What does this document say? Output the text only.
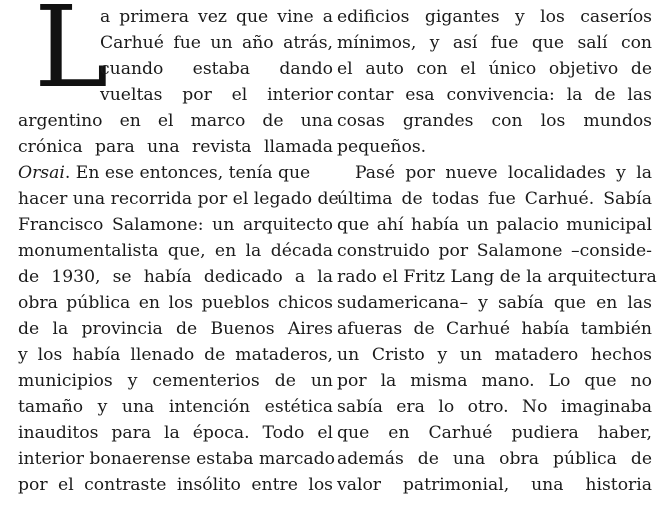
L
a primera vez que vine a
Carhué fue un año atrás,
cuando estaba dando
vueltas por el interior
argentino en el marco de una
crónica para una revista llamada
Orsai. En ese entonces, tenía que
hacer una recorrida por el legado de
Francisco Salamone: un arquitecto
monumentalista que, en la década
de 1930, se había dedicado a la
obra pública en los pueblos chicos
de la provincia de Buenos Aires
y los había llenado de mataderos,
municipios y cementerios de un
tamaño y una intención estética
inauditos para la época. Todo el
interior bonaerense estaba marcado
por el contraste insólito entre los
edificios gigantes y los caseríos
mínimos, y así fue que salí con
el auto con el único objetivo de
contar esa convivencia: la de las
cosas grandes con los mundos
pequeños.
Pasé por nueve localidades y la
última de todas fue Carhué. Sabía
que ahí había un palacio municipal
construido por Salamone –conside-
rado el Fritz Lang de la arquitectura
sudamericana– y sabía que en las
afueras de Carhué había también
un Cristo y un matadero hechos
por la misma mano. Lo que no
sabía era lo otro. No imaginaba
que en Carhué pudiera haber,
además de una obra pública de
valor patrimonial, una historia
